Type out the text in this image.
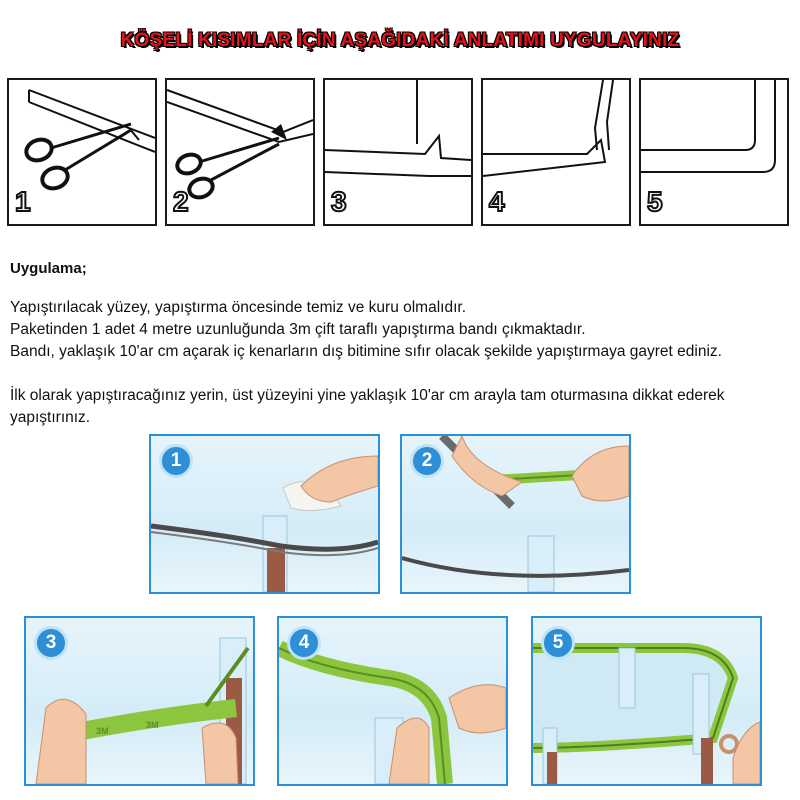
KÖŞELİ KISIMLAR İÇİN AŞAĞIDAKİ ANLATIMI UYGULAYINIZ
1	2	3	4	5
Uygulama;
Yapıştırılacak yüzey, yapıştırma öncesinde temiz ve kuru olmalıdır.
Paketinden 1 adet 4 metre uzunluğunda 3m çift taraflı yapıştırma bandı çıkmaktadır.
Bandı, yaklaşık 10'ar cm açarak iç kenarların dış bitimine sıfır olacak şekilde yapıştırmaya gayret ediniz.
İlk olarak yapıştıracağınız yerin, üst yüzeyini yine yaklaşık 10'ar cm arayla tam oturmasına dikkat ederek yapıştırınız.
1	2
3M
3M
3	4	5
